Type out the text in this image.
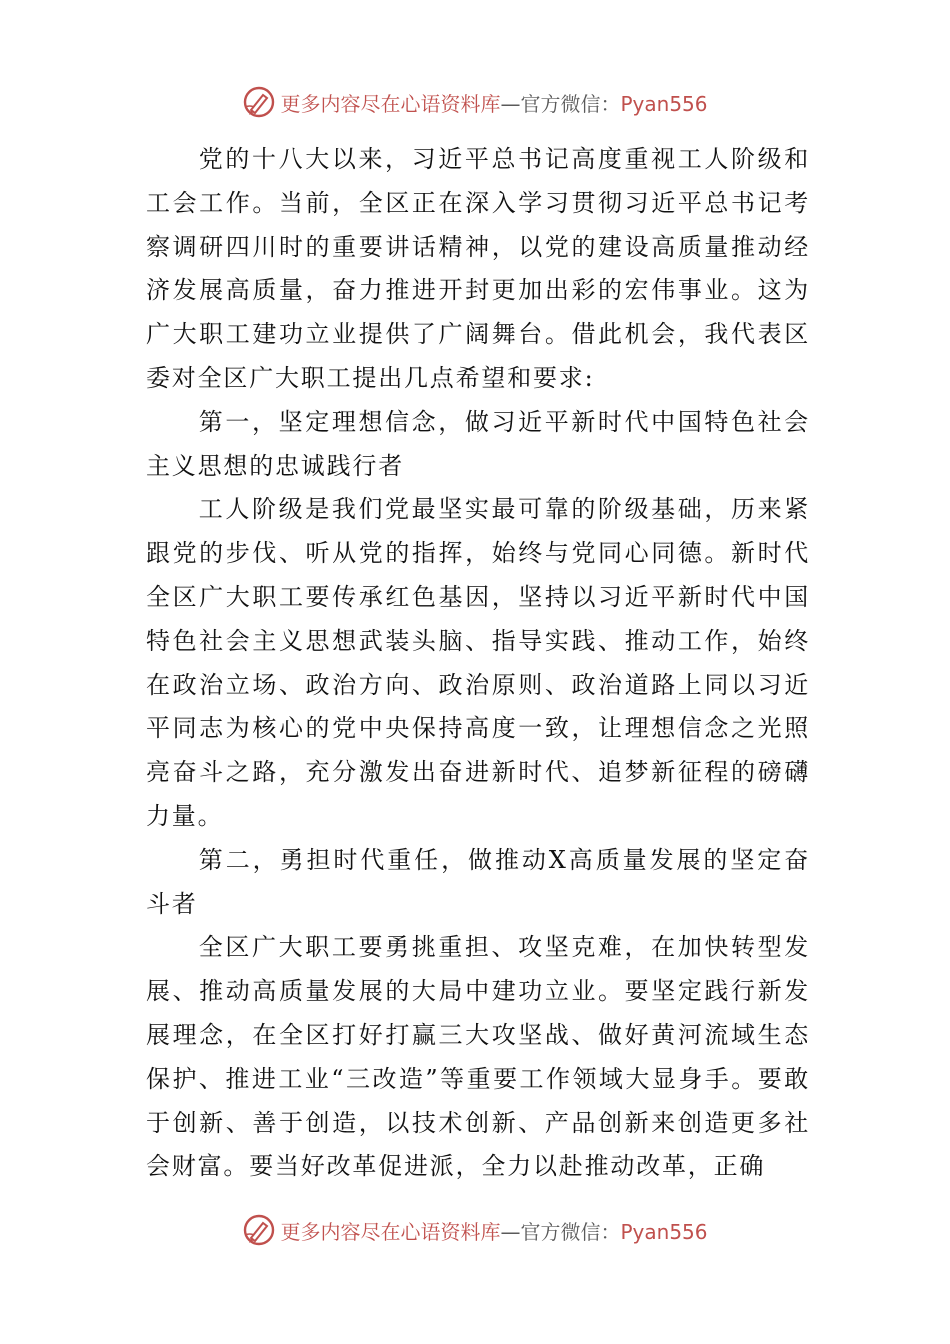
更多内容尽在心语资料库—官方微信：Pyan556

党的十八大以来，习近平总书记高度重视工人阶级和工会工作。当前，全区正在深入学习贯彻习近平总书记考察调研四川时的重要讲话精神，以党的建设高质量推动经济发展高质量，奋力推进开封更加出彩的宏伟事业。这为广大职工建功立业提供了广阔舞台。借此机会，我代表区委对全区广大职工提出几点希望和要求:

第一，坚定理想信念，做习近平新时代中国特色社会主义思想的忠诚践行者

工人阶级是我们党最坚实最可靠的阶级基础，历来紧跟党的步伐、听从党的指挥，始终与党同心同德。新时代全区广大职工要传承红色基因，坚持以习近平新时代中国特色社会主义思想武装头脑、指导实践、推动工作，始终在政治立场、政治方向、政治原则、政治道路上同以习近平同志为核心的党中央保持高度一致，让理想信念之光照亮奋斗之路，充分激发出奋进新时代、追梦新征程的磅礴力量。

第二，勇担时代重任，做推动X高质量发展的坚定奋斗者

全区广大职工要勇挑重担、攻坚克难，在加快转型发展、推动高质量发展的大局中建功立业。要坚定践行新发展理念，在全区打好打赢三大攻坚战、做好黄河流域生态保护、推进工业“三改造”等重要工作领域大显身手。要敢于创新、善于创造，以技术创新、产品创新来创造更多社会财富。要当好改革促进派，全力以赴推动改革，正确

更多内容尽在心语资料库—官方微信：Pyan556
